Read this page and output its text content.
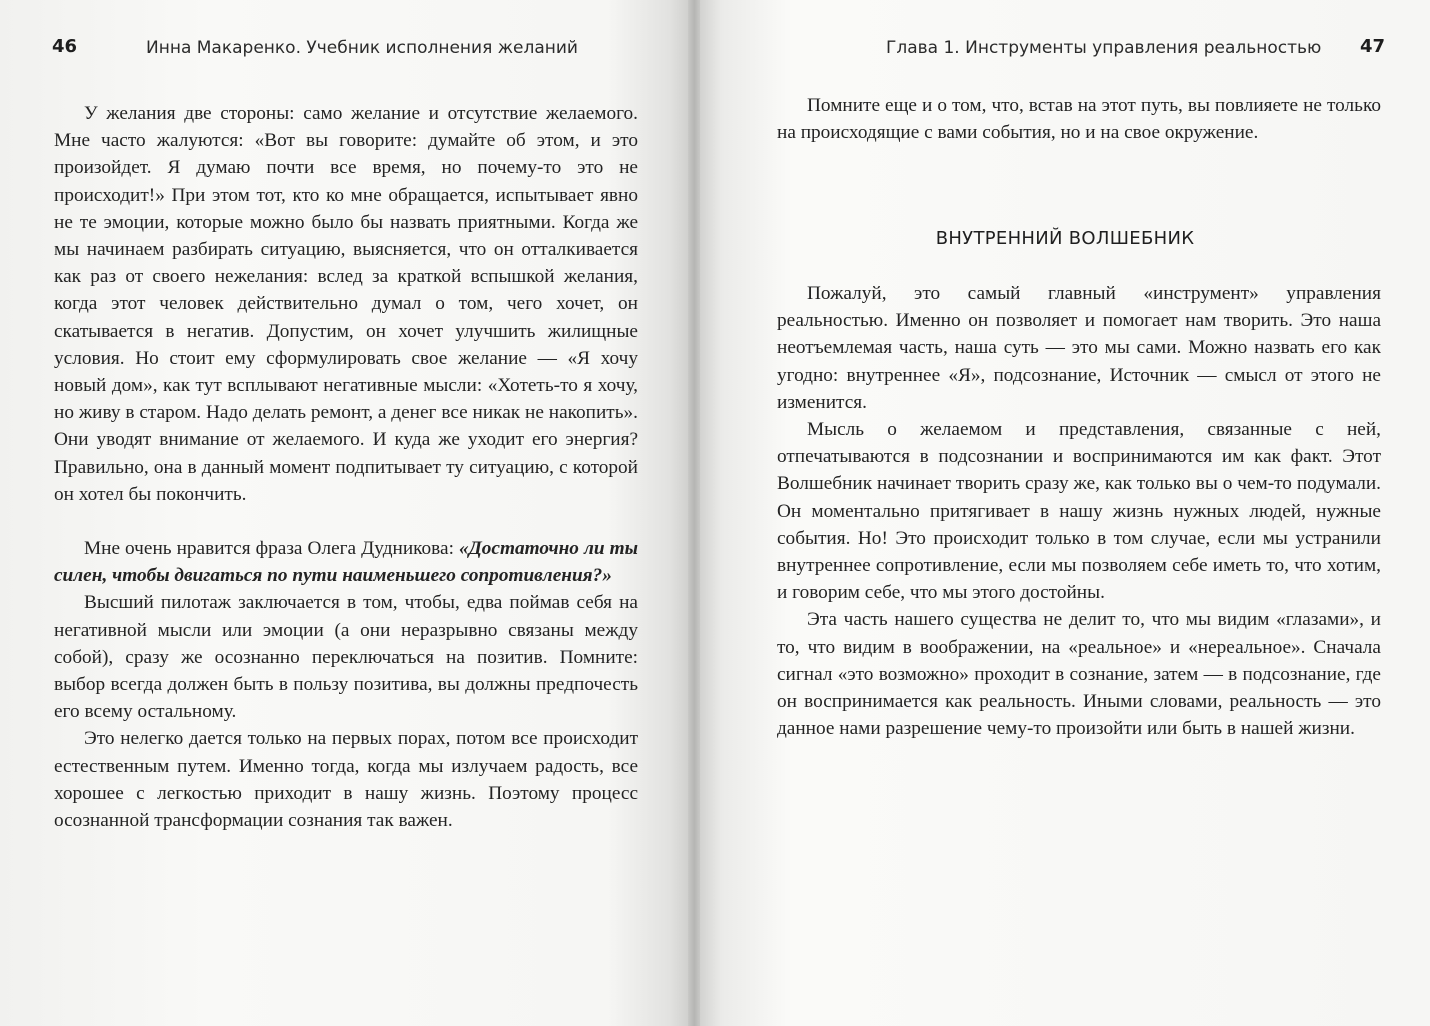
46	Инна Макаренко. Учебник исполнения желаний

У желания две стороны: само желание и отсутствие желаемого. Мне часто жалуются: «Вот вы говорите: думайте об этом, и это произойдет. Я думаю почти все время, но почему-то это не происходит!» При этом тот, кто ко мне обращается, испытывает явно не те эмоции, которые можно было бы назвать приятными. Когда же мы начинаем разбирать ситуацию, выясняется, что он отталкивается как раз от своего нежелания: вслед за краткой вспышкой желания, когда этот человек действительно думал о том, чего хочет, он скатывается в негатив. Допустим, он хочет улучшить жилищные условия. Но стоит ему сформулировать свое желание — «Я хочу новый дом», как тут всплывают негативные мысли: «Хотеть-то я хочу, но живу в старом. Надо делать ремонт, а денег все никак не накопить». Они уводят внимание от желаемого. И куда же уходит его энергия? Правильно, она в данный момент подпитывает ту ситуацию, с которой он хотел бы покончить.

Мне очень нравится фраза Олега Дудникова: «Достаточно ли ты силен, чтобы двигаться по пути наименьшего сопротивления?»

Высший пилотаж заключается в том, чтобы, едва поймав себя на негативной мысли или эмоции (а они неразрывно связаны между собой), сразу же осознанно переключаться на позитив. Помните: выбор всегда должен быть в пользу позитива, вы должны предпочесть его всему остальному.

Это нелегко дается только на первых порах, потом все происходит естественным путем. Именно тогда, когда мы излучаем радость, все хорошее с легкостью приходит в нашу жизнь. Поэтому процесс осознанной трансформации сознания так важен.

Глава 1. Инструменты управления реальностью 47

Помните еще и о том, что, встав на этот путь, вы повлияете не только на происходящие с вами события, но и на свое окружение.

ВНУТРЕННИЙ ВОЛШЕБНИК

Пожалуй, это самый главный «инструмент» управления реальностью. Именно он позволяет и помогает нам творить. Это наша неотъемлемая часть, наша суть — это мы сами. Можно назвать его как угодно: внутреннее «Я», подсознание, Источник — смысл от этого не изменится.

Мысль о желаемом и представления, связанные с ней, отпечатываются в подсознании и воспринимаются им как факт. Этот Волшебник начинает творить сразу же, как только вы о чем-то подумали. Он моментально притягивает в нашу жизнь нужных людей, нужные события. Но! Это происходит только в том случае, если мы устранили внутреннее сопротивление, если мы позволяем себе иметь то, что хотим, и говорим себе, что мы этого достойны.

Эта часть нашего существа не делит то, что мы видим «глазами», и то, что видим в воображении, на «реальное» и «нереальное». Сначала сигнал «это возможно» проходит в сознание, затем — в подсознание, где он воспринимается как реальность. Иными словами, реальность — это данное нами разрешение чему-то произойти или быть в нашей жизни.
